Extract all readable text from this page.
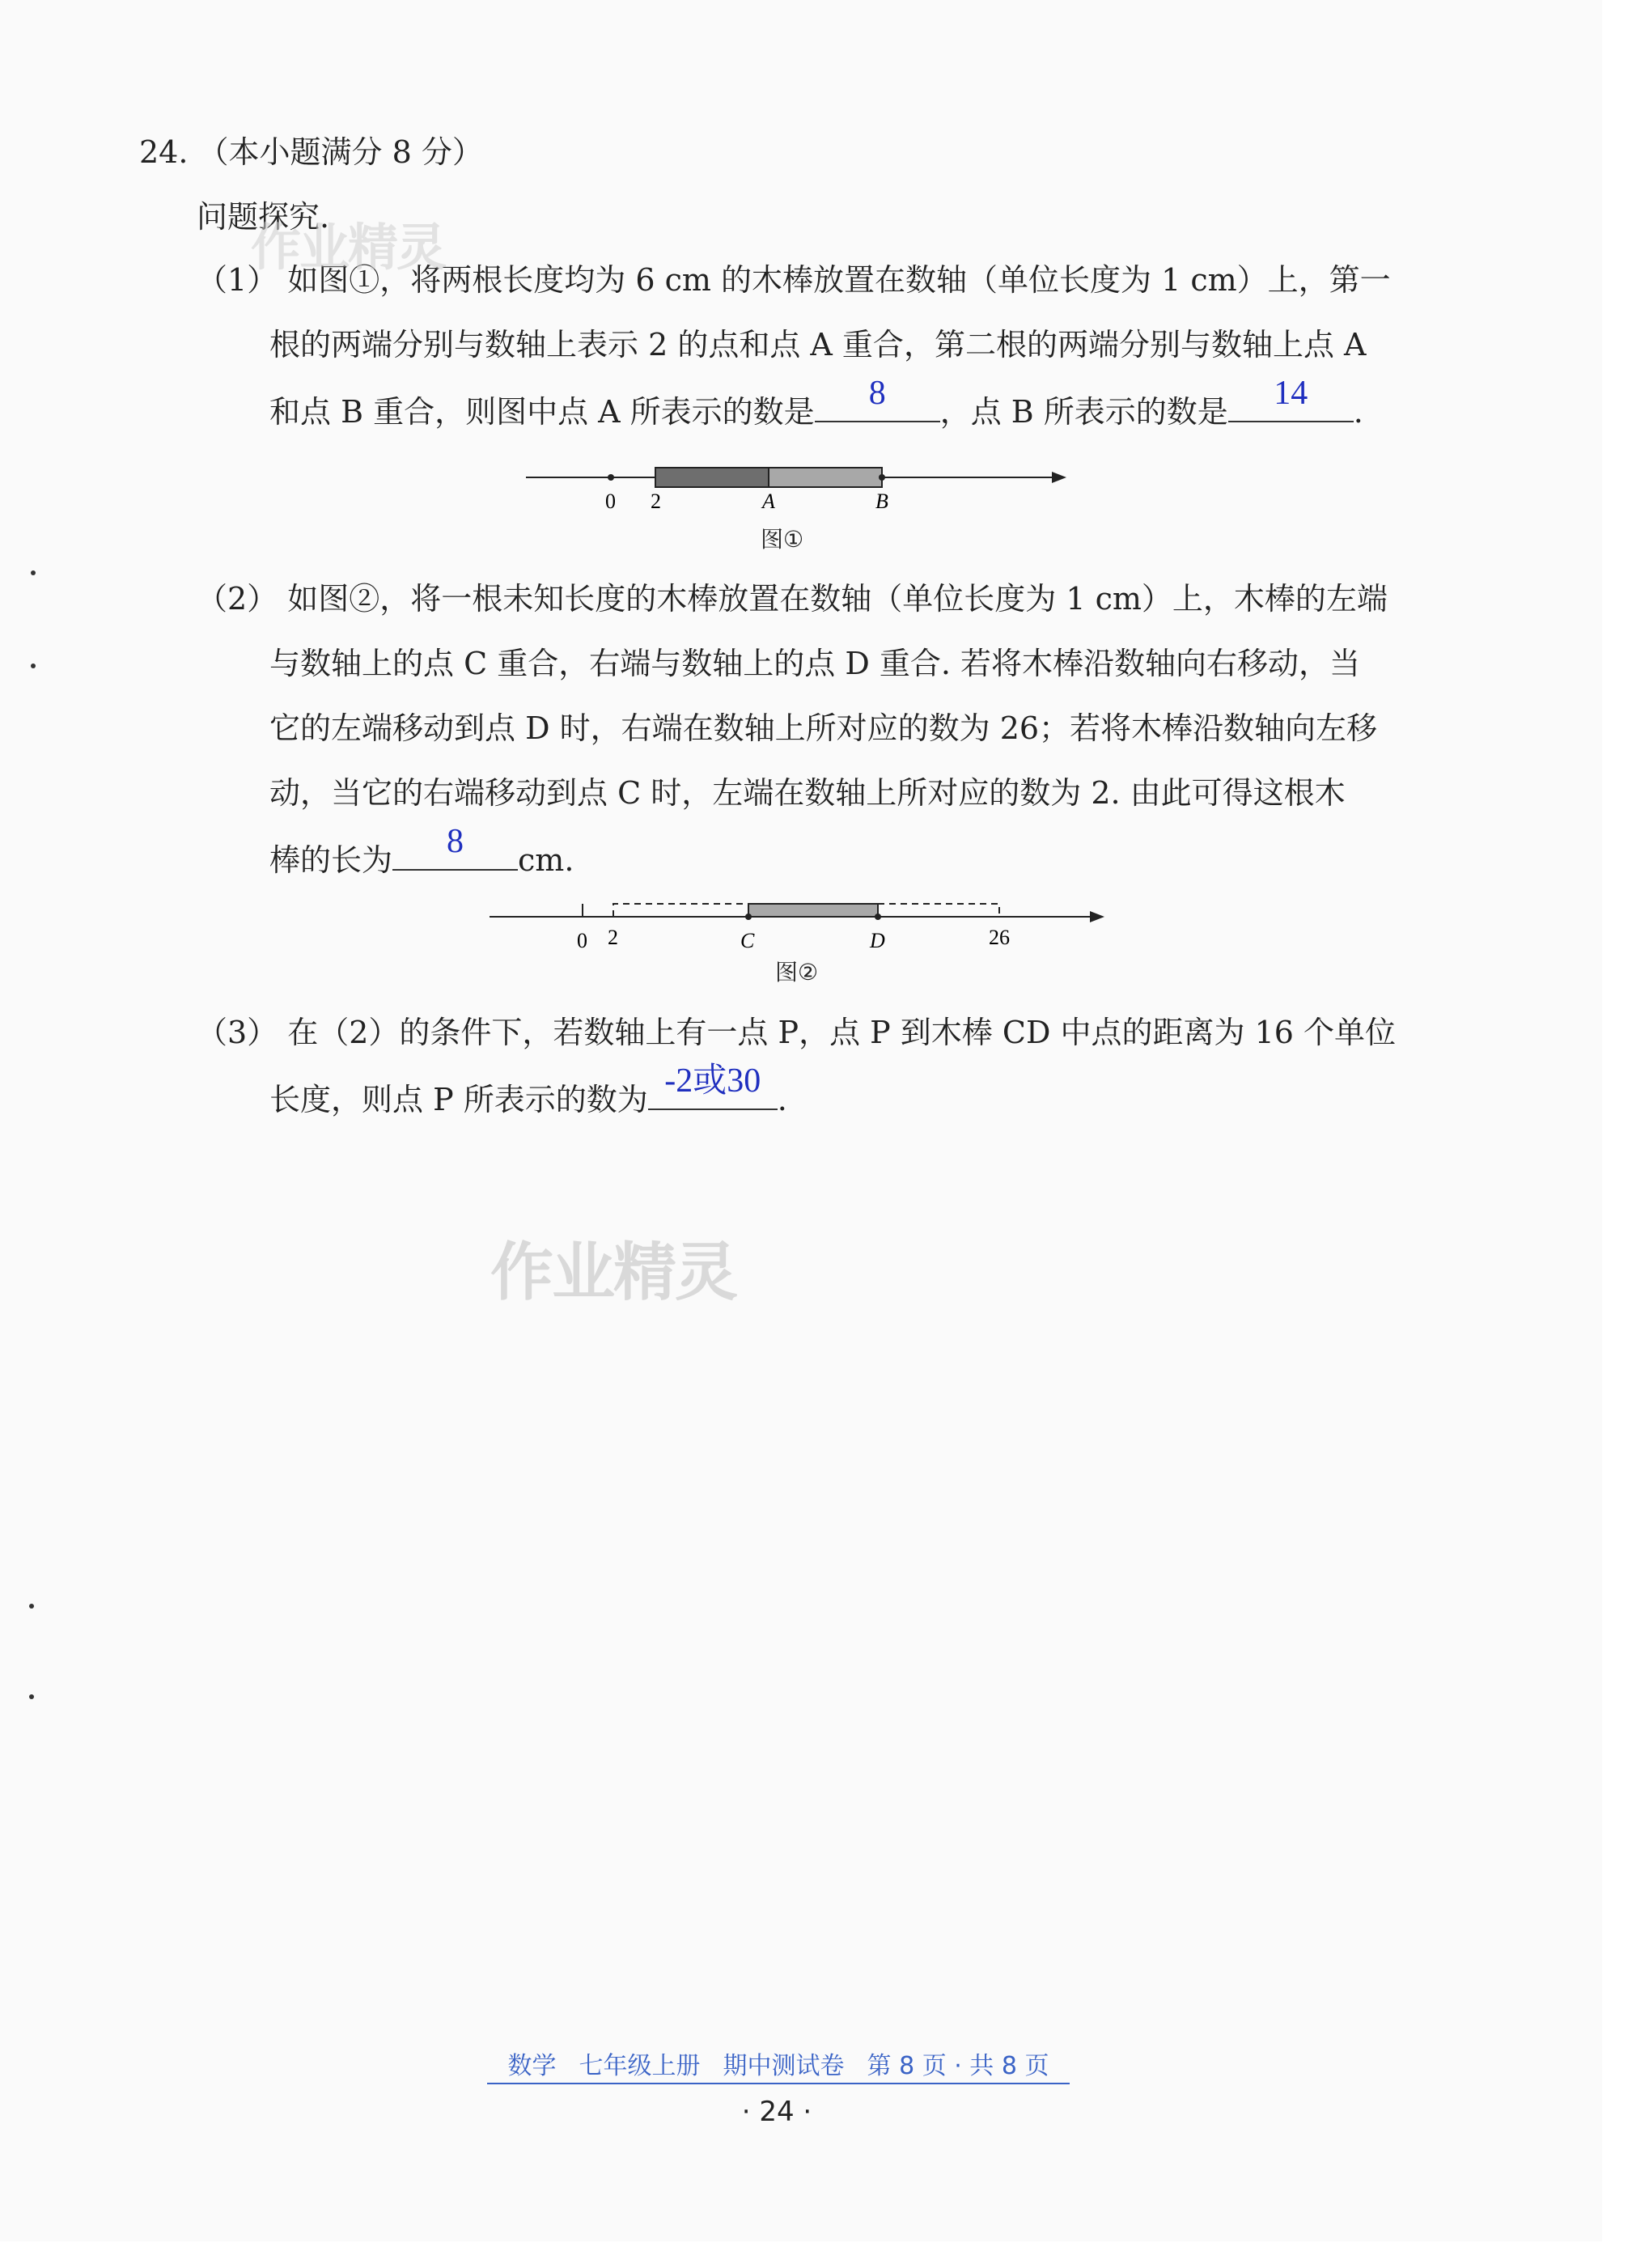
24. （本小题满分 8 分）
问题探究.
（1） 如图①，将两根长度均为 6 cm 的木棒放置在数轴（单位长度为 1 cm）上，第一
根的两端分别与数轴上表示 2 的点和点 A 重合，第二根的两端分别与数轴上点 A
和点 B 重合，则图中点 A 所表示的数是	8	，点 B 所表示的数是	14	.
0 2	A	B
图①
（2） 如图②，将一根未知长度的木棒放置在数轴（单位长度为 1 cm）上，木棒的左端
与数轴上的点 C 重合，右端与数轴上的点 D 重合. 若将木棒沿数轴向右移动，当
它的左端移动到点 D 时，右端在数轴上所对应的数为 26；若将木棒沿数轴向左移
动，当它的右端移动到点 C 时，左端在数轴上所对应的数为 2. 由此可得这根木
棒的长为	8	cm.
0 2	C	D	26
图②
（3） 在（2）的条件下，若数轴上有一点 P，点 P 到木棒 CD 中点的距离为 16 个单位
长度，则点 P 所表示的数为 -2或30 .
作业精灵
作业精灵
数学 七年级上册 期中测试卷 第 8 页 · 共 8 页
· 24 ·
